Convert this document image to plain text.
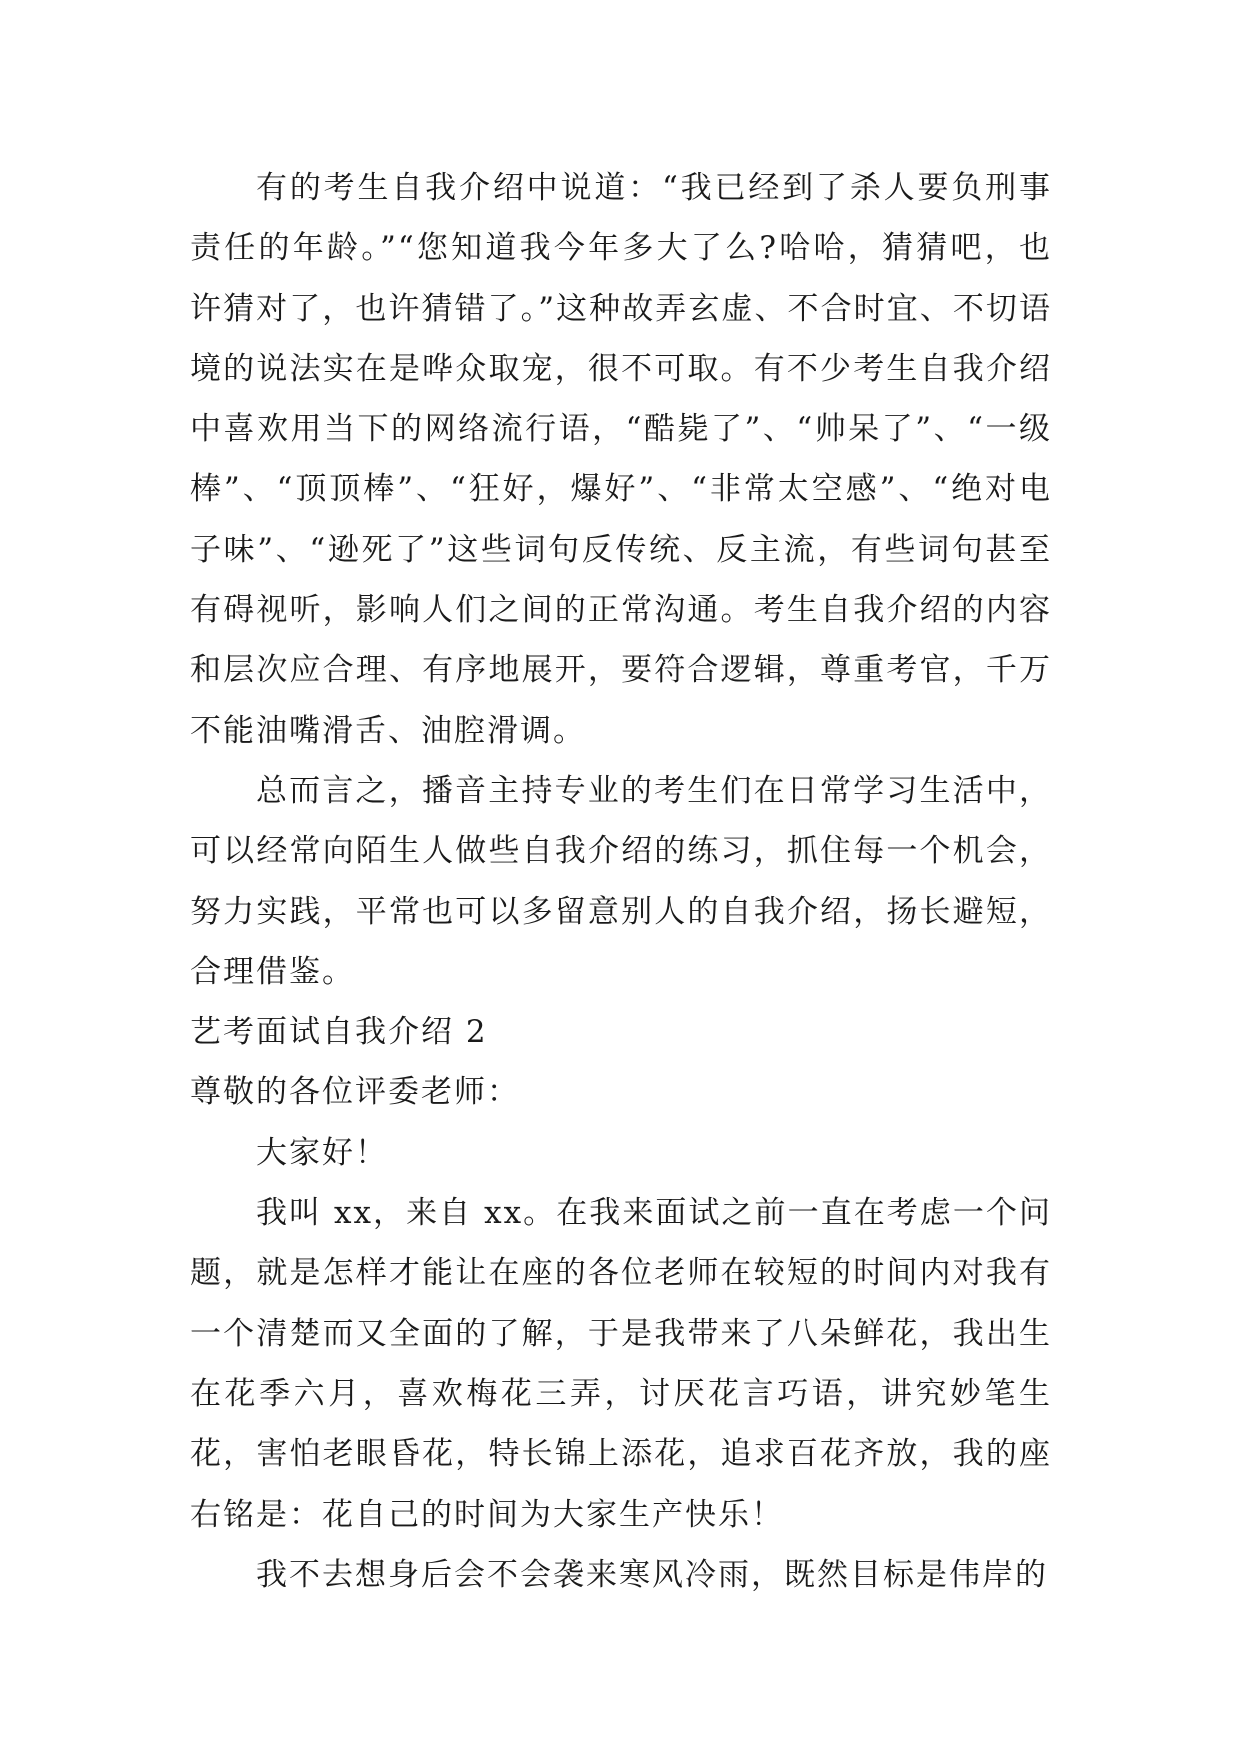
有的考生自我介绍中说道：“我已经到了杀人要负刑事责任的年龄。”“您知道我今年多大了么?哈哈，猜猜吧，也许猜对了，也许猜错了。”这种故弄玄虚、不合时宜、不切语境的说法实在是哗众取宠，很不可取。有不少考生自我介绍中喜欢用当下的网络流行语，“酷毙了”、“帅呆了”、“一级棒”、“顶顶棒”、“狂好，爆好”、“非常太空感”、“绝对电子味”、“逊死了”这些词句反传统、反主流，有些词句甚至有碍视听，影响人们之间的正常沟通。考生自我介绍的内容和层次应合理、有序地展开，要符合逻辑，尊重考官，千万不能油嘴滑舌、油腔滑调。

总而言之，播音主持专业的考生们在日常学习生活中，可以经常向陌生人做些自我介绍的练习，抓住每一个机会，努力实践，平常也可以多留意别人的自我介绍，扬长避短，合理借鉴。

艺考面试自我介绍 2

尊敬的各位评委老师：

大家好！

我叫 xx，来自 xx。在我来面试之前一直在考虑一个问题，就是怎样才能让在座的各位老师在较短的时间内对我有一个清楚而又全面的了解，于是我带来了八朵鲜花，我出生在花季六月，喜欢梅花三弄，讨厌花言巧语，讲究妙笔生花，害怕老眼昏花，特长锦上添花，追求百花齐放，我的座右铭是：花自己的时间为大家生产快乐！

我不去想身后会不会袭来寒风冷雨，既然目标是伟岸的
